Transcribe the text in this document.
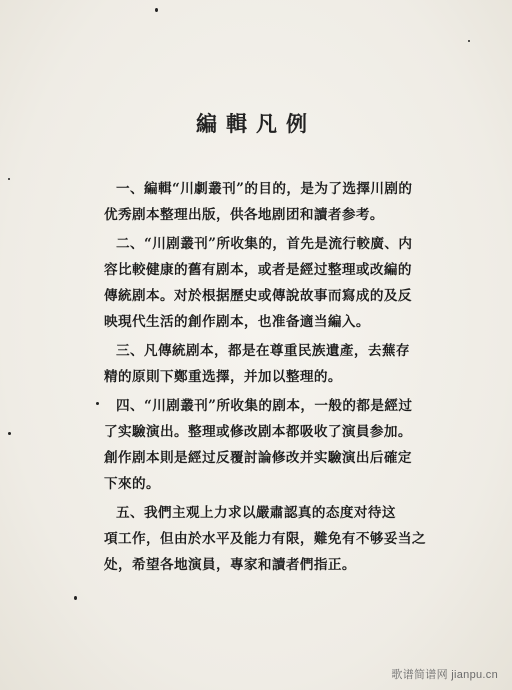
編輯凡例
一、編輯“川劇叢刊”的目的，是为了选擇川剧的
优秀剧本整理出版，供各地剧团和讀者参考。
二、“川剧叢刊”所收集的，首先是流行較廣、内
容比較健康的舊有剧本，或者是經过整理或改編的
傳統剧本。对於根据歷史或傳說故事而寫成的及反
映現代生活的創作剧本，也准备適当編入。
三、凡傳統剧本，都是在尊重民族遺產，去蕪存
精的原則下鄭重选擇，并加以整理的。
四、“川剧叢刊”所收集的剧本，一般的都是經过
了实驗演出。整理或修改剧本都吸收了演員参加。
創作剧本則是經过反覆討論修改并实驗演出后確定
下來的。
五、我們主观上力求以嚴肅認真的态度对待这
項工作，但由於水平及能力有限，難免有不够妥当之
处，希望各地演員，專家和讀者們指正。
歌谱简谱网 jianpu.cn
